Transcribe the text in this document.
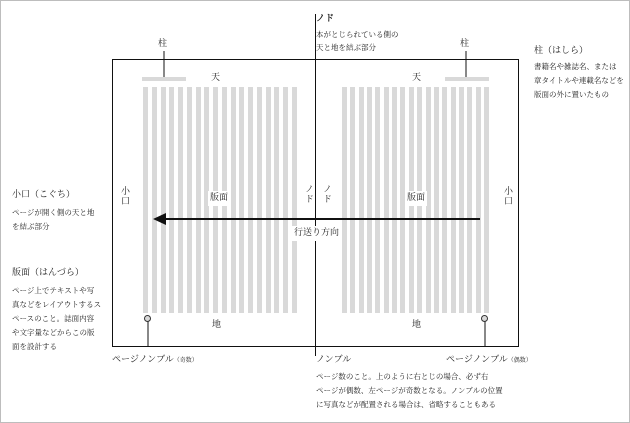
ノド
本がとじられている側の
天と地を結ぶ部分	柱（はしら）
書籍名や雑誌名、または
章タイトルや連載名などを
版面の外に置いたもの
小口（こぐち）
ページが開く側の天と地
を結ぶ部分
版面（はんづら）
ページ上でテキストや写
真などをレイアウトするス
ペースのこと。誌面内容
や文字量などからこの版
面を設計する
ノンブル
ページ数のこと。上のように右とじの場合、必ず右
ページが偶数、左ページが奇数となる。ノンブルの位置
に写真などが配置される場合は、省略することもある
柱
天
版面
地
小口	ノド
ページノンブル（奇数）
柱
天
版面
地
小口
ノド
ページノンブル（偶数）
行送り方向
